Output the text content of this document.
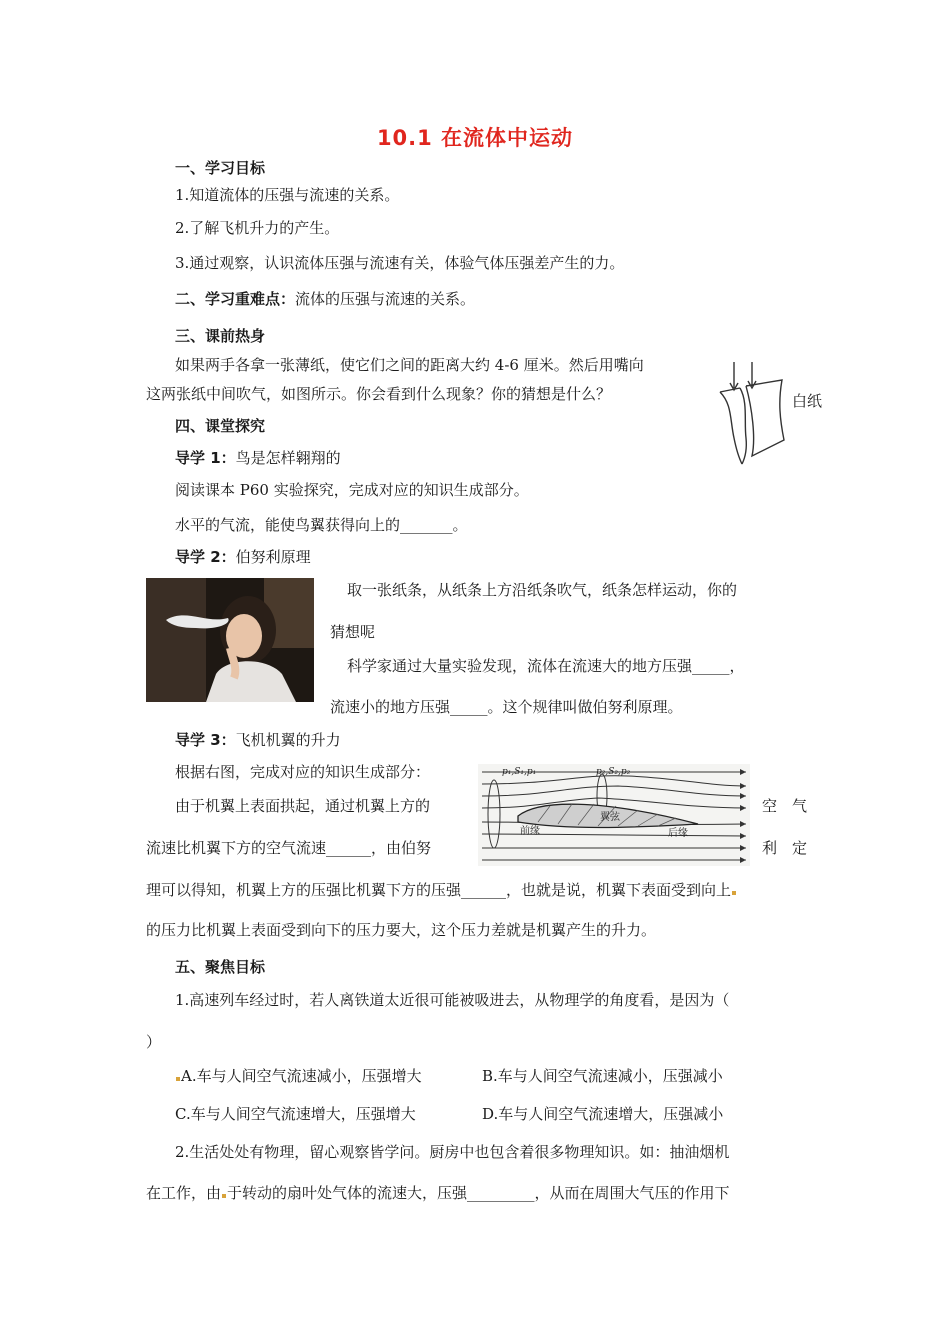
10.1 在流体中运动
一、学习目标
1.知道流体的压强与流速的关系。
2.了解飞机升力的产生。
3.通过观察，认识流体压强与流速有关，体验气体压强差产生的力。
二、学习重难点：流体的压强与流速的关系。
三、课前热身
如果两手各拿一张薄纸，使它们之间的距离大约 4-6 厘米。然后用嘴向
这两张纸中间吹气，如图所示。你会看到什么现象？你的猜想是什么？	白纸
四、课堂探究
导学 1：鸟是怎样翱翔的
阅读课本 P60 实验探究，完成对应的知识生成部分。
水平的气流，能使鸟翼获得向上的_______。
导学 2：伯努利原理
取一张纸条，从纸条上方沿纸条吹气，纸条怎样运动，你的
猜想呢
科学家通过大量实验发现，流体在流速大的地方压强_____，
流速小的地方压强_____。这个规律叫做伯努利原理。
导学 3：飞机机翼的升力
根据右图，完成对应的知识生成部分：
由于机翼上表面拱起，通过机翼上方的	空　气
流速比机翼下方的空气流速______，由伯努	利　定
p₁,S₁,p₁	p₂,S₂,p₂
前缘
翼弦
后缘
理可以得知，机翼上方的压强比机翼下方的压强______，也就是说，机翼下表面受到向上
的压力比机翼上表面受到向下的压力要大，这个压力差就是机翼产生的升力。
五、聚焦目标
1.高速列车经过时，若人离铁道太近很可能被吸进去，从物理学的角度看，是因为（
）
A.车与人间空气流速减小，压强增大	B.车与人间空气流速减小，压强减小
C.车与人间空气流速增大，压强增大	D.车与人间空气流速增大，压强减小
2.生活处处有物理，留心观察皆学问。厨房中也包含着很多物理知识。如：抽油烟机
在工作，由 于转动的扇叶处气体的流速大，压强_________，从而在周围大气压的作用下
